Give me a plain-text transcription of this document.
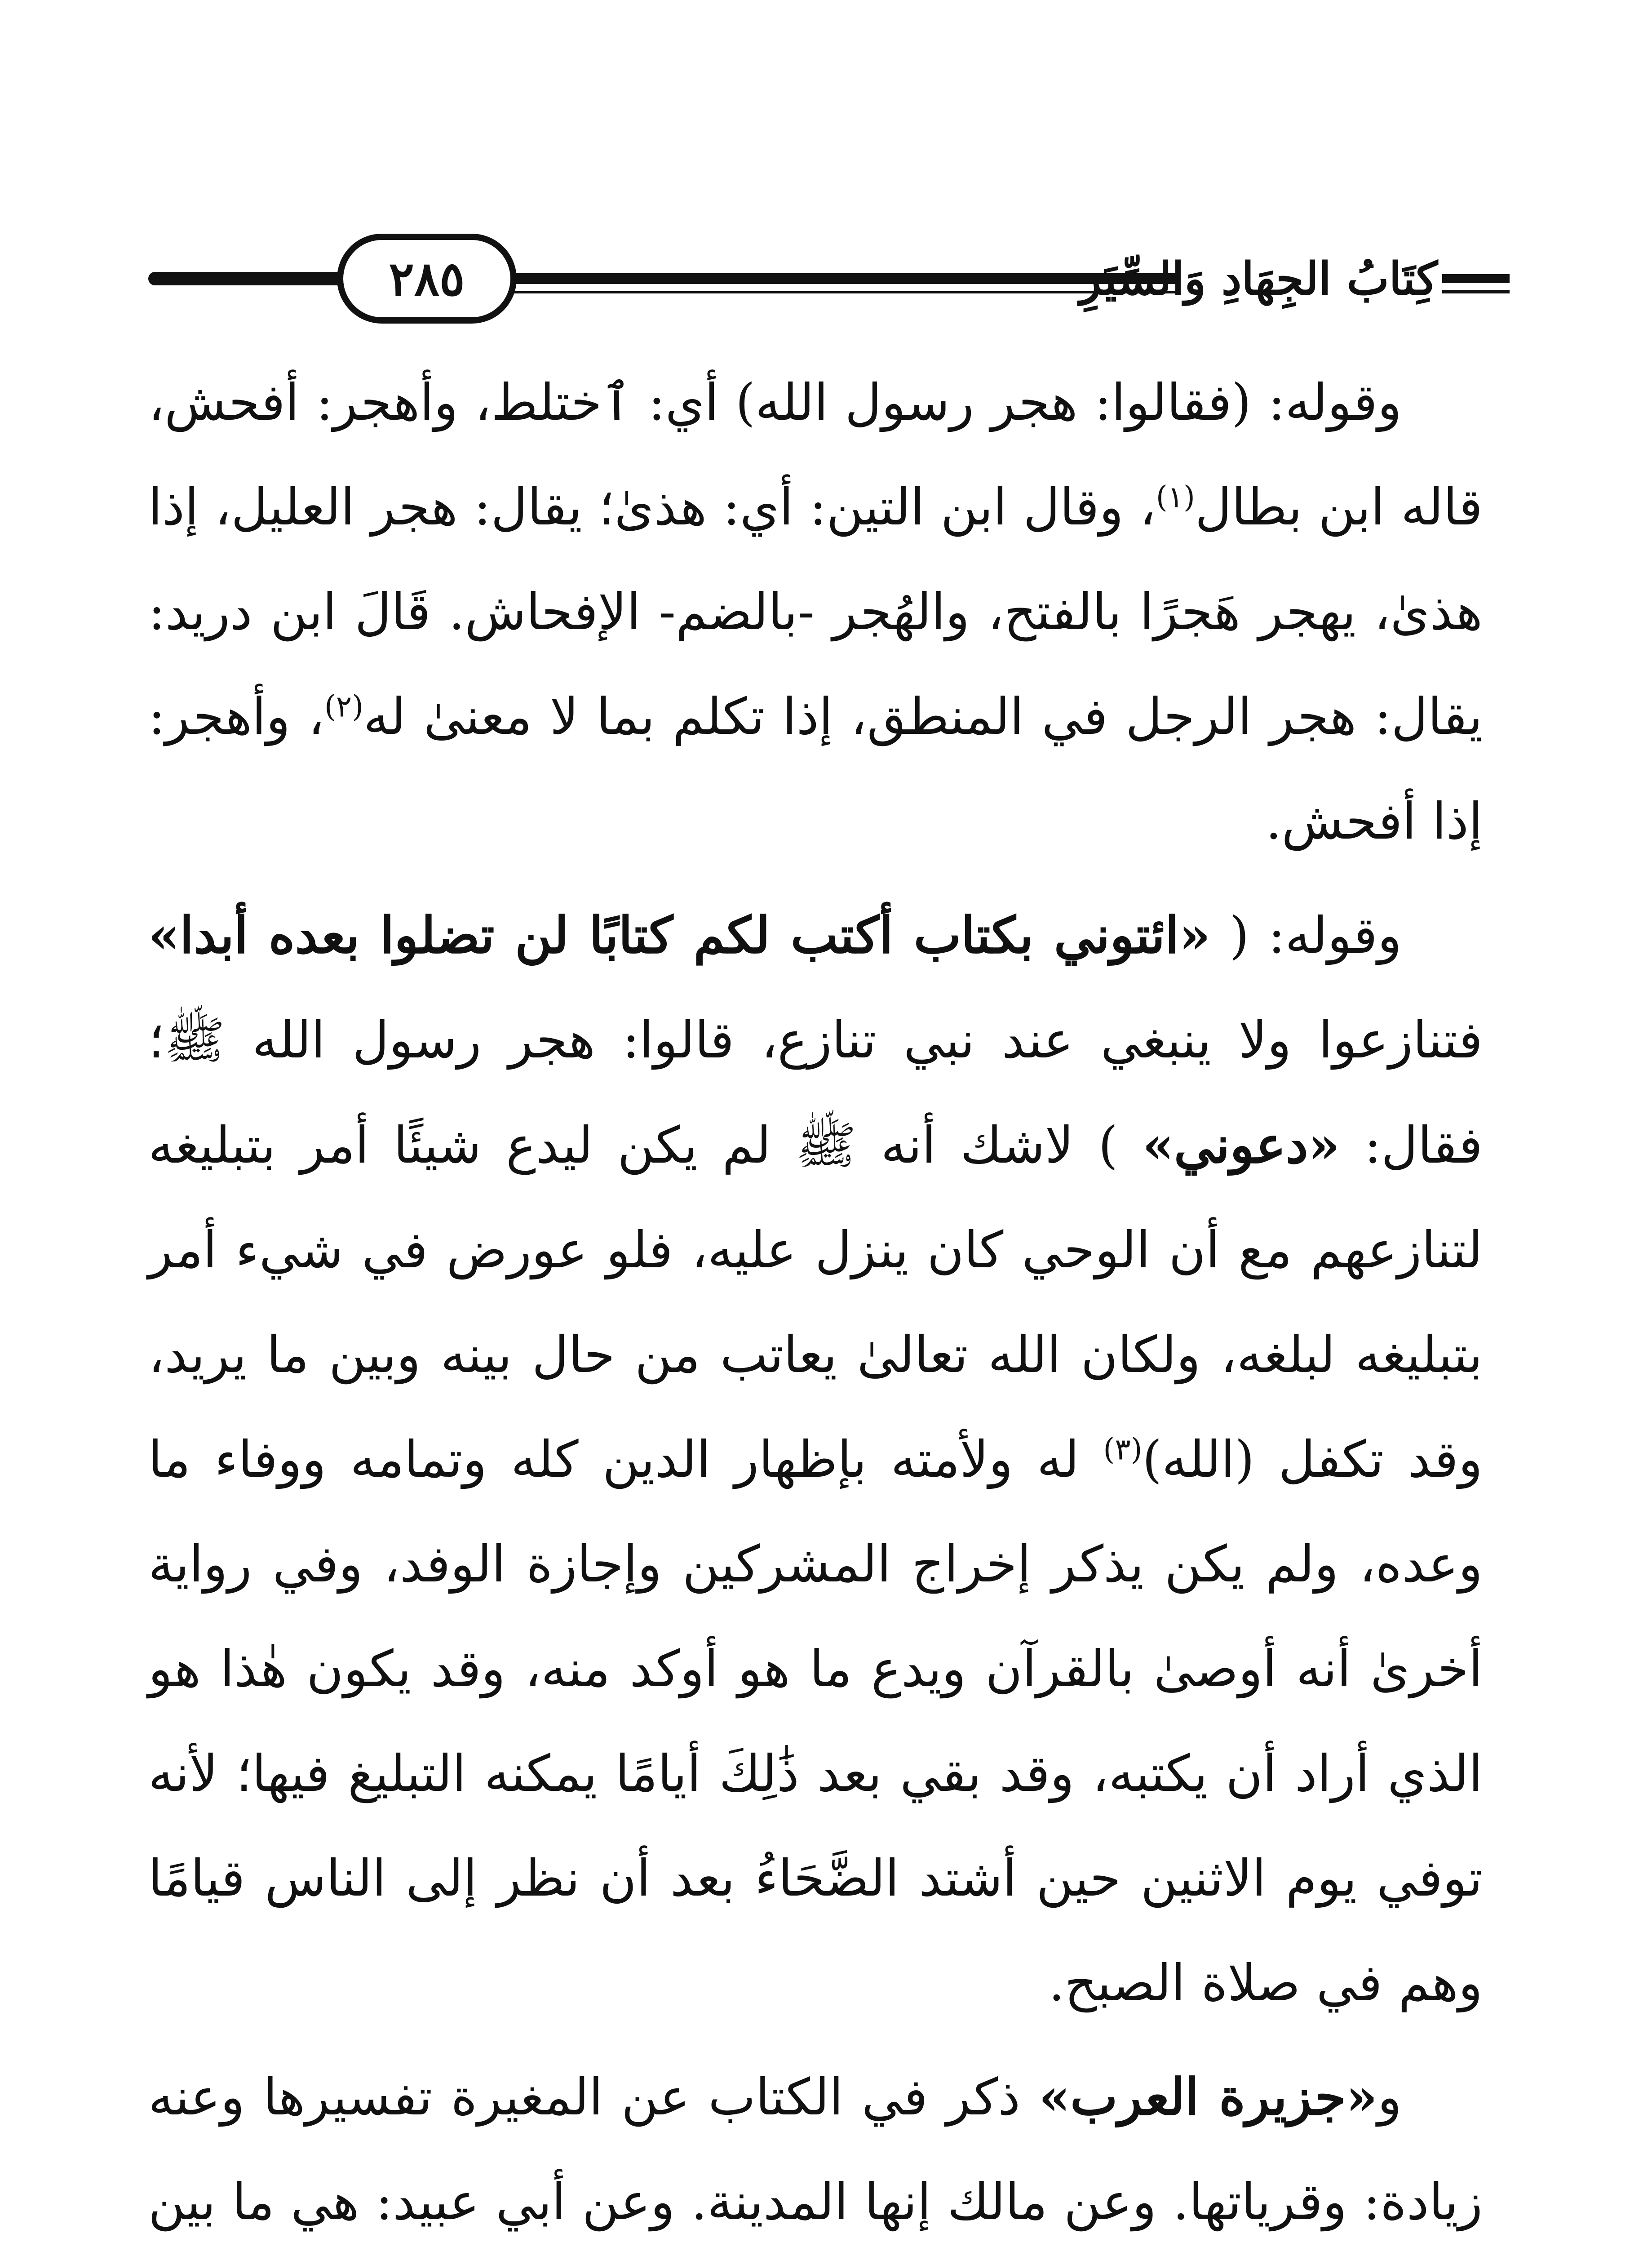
٢٨٥	كِتَابُ الجِهَادِ وَالسِّيَرِ

وقوله: (فقالوا: هجر رسول الله) أي: ٱختلط، وأهجر: أفحش، قاله ابن بطال$^{(١)}$، وقال ابن التين: أي: هذىٰ؛ يقال: هجر العليل، إذا هذىٰ، يهجر هَجرًا بالفتح، والهُجر -بالضم- الإفحاش. قَالَ ابن دريد: يقال: هجر الرجل في المنطق، إذا تكلم بما لا معنىٰ له$^{(٢)}$، وأهجر: إذا أفحش.

وقوله: ( «ائتوني بكتاب أكتب لكم كتابًا لن تضلوا بعده أبدا» فتنازعوا ولا ينبغي عند نبي تنازع، قالوا: هجر رسول الله ﷺ؛ فقال: «دعوني» ) لاشك أنه ﷺ لم يكن ليدع شيئًا أمر بتبليغه لتنازعهم مع أن الوحي كان ينزل عليه، فلو عورض في شيء أمر بتبليغه لبلغه، ولكان الله تعالىٰ يعاتب من حال بينه وبين ما يريد، وقد تكفل (الله)$^{(٣)}$ له ولأمته بإظهار الدين كله وتمامه ووفاء ما وعده، ولم يكن يذكر إخراج المشركين وإجازة الوفد، وفي رواية أخرىٰ أنه أوصىٰ بالقرآن ويدع ما هو أوكد منه، وقد يكون هٰذا هو الذي أراد أن يكتبه، وقد بقي بعد ذَٰلِكَ أيامًا يمكنه التبليغ فيها؛ لأنه توفي يوم الاثنين حين أشتد الضَّحَاءُ بعد أن نظر إلى الناس قيامًا وهم في صلاة الصبح.

و«جزيرة العرب» ذكر في الكتاب عن المغيرة تفسيرها وعنه زيادة: وقرياتها. وعن مالك إنها المدينة. وعن أبي عبيد: هي ما بين
